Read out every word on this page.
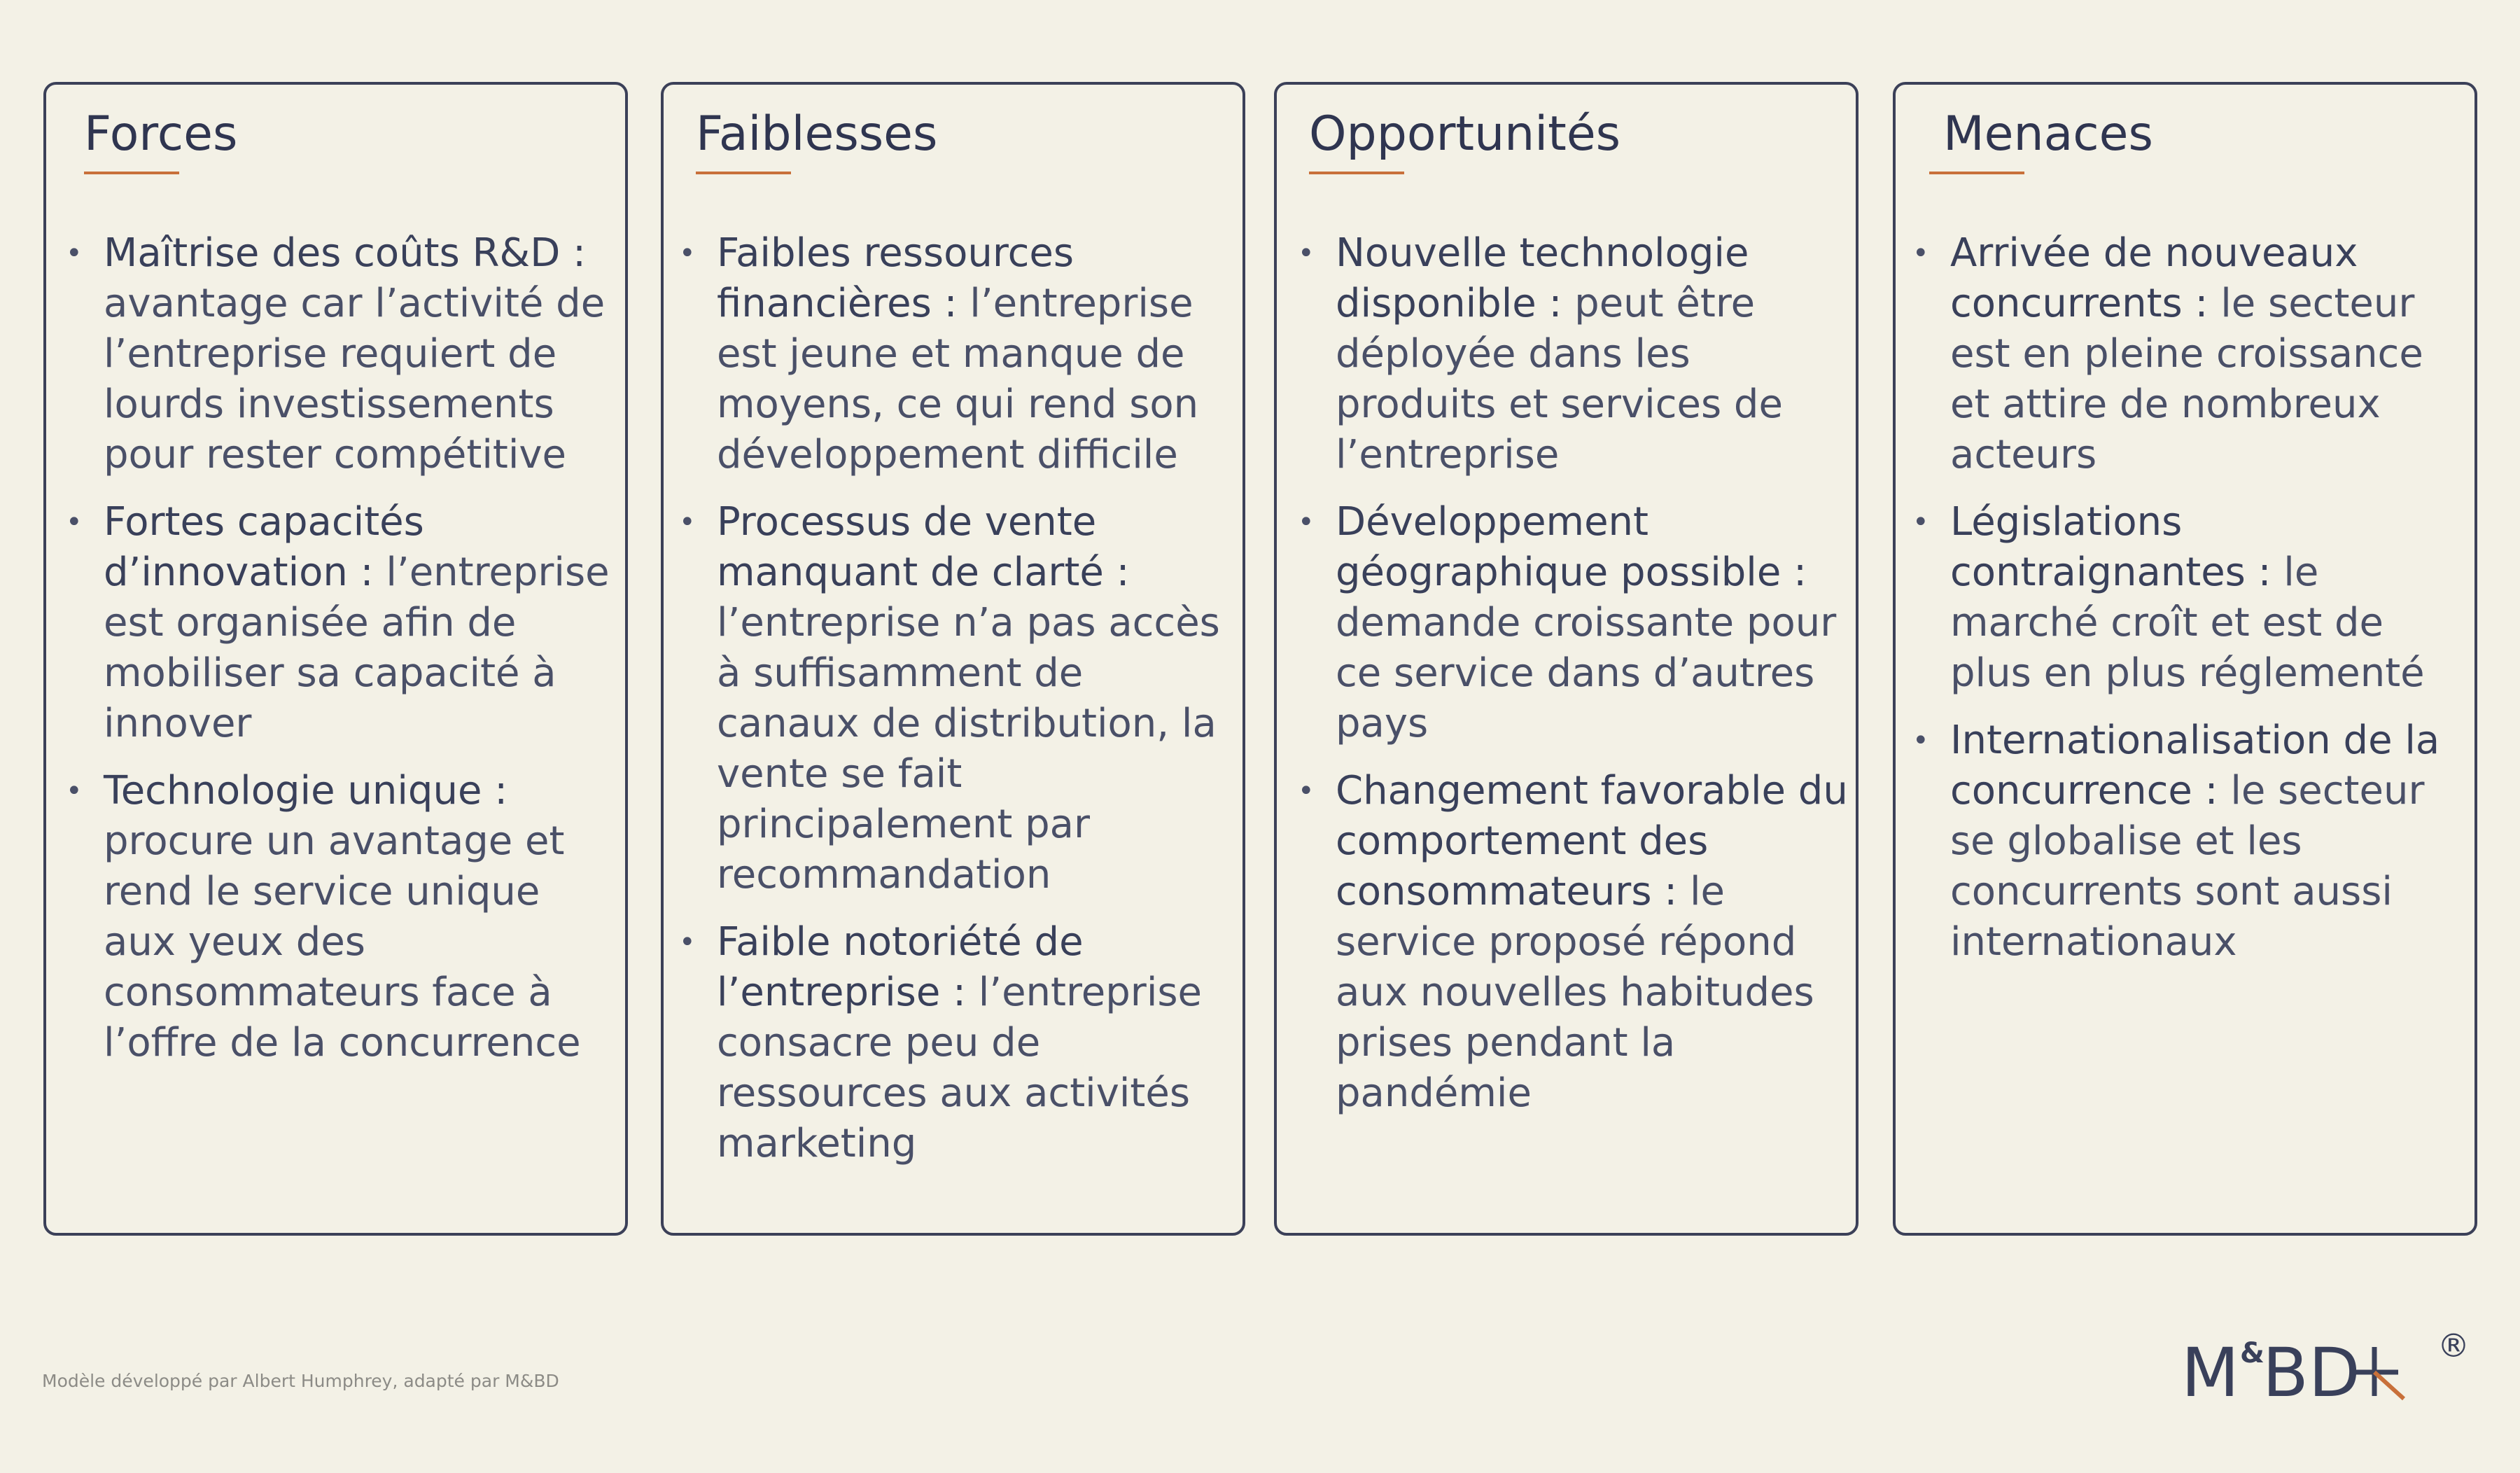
Forces
• Maîtrise des coûts R&D : avantage car l’activité de l’entreprise requiert de lourds investissements pour rester compétitive
• Fortes capacités d’innovation : l’entreprise est organisée afin de mobiliser sa capacité à innover
• Technologie unique : procure un avantage et rend le service unique aux yeux des consommateurs face à l’offre de la concurrence
Faiblesses
• Faibles ressources financières : l’entreprise est jeune et manque de moyens, ce qui rend son développement difficile
• Processus de vente manquant de clarté : l’entreprise n’a pas accès à suffisamment de canaux de distribution, la vente se fait principalement par recommandation
• Faible notoriété de l’entreprise : l’entreprise consacre peu de ressources aux activités marketing
Opportunités
• Nouvelle technologie disponible : peut être déployée dans les produits et services de l’entreprise
• Développement géographique possible : demande croissante pour ce service dans d’autres pays
• Changement favorable du comportement des consommateurs : le service proposé répond aux nouvelles habitudes prises pendant la pandémie
Menaces
• Arrivée de nouveaux concurrents : le secteur est en pleine croissance et attire de nombreux acteurs
• Législations contraignantes : le marché croît et est de plus en plus réglementé
• Internationalisation de la concurrence : le secteur se globalise et les concurrents sont aussi internationaux
Modèle développé par Albert Humphrey, adapté par M&BD	M &
BD ®
